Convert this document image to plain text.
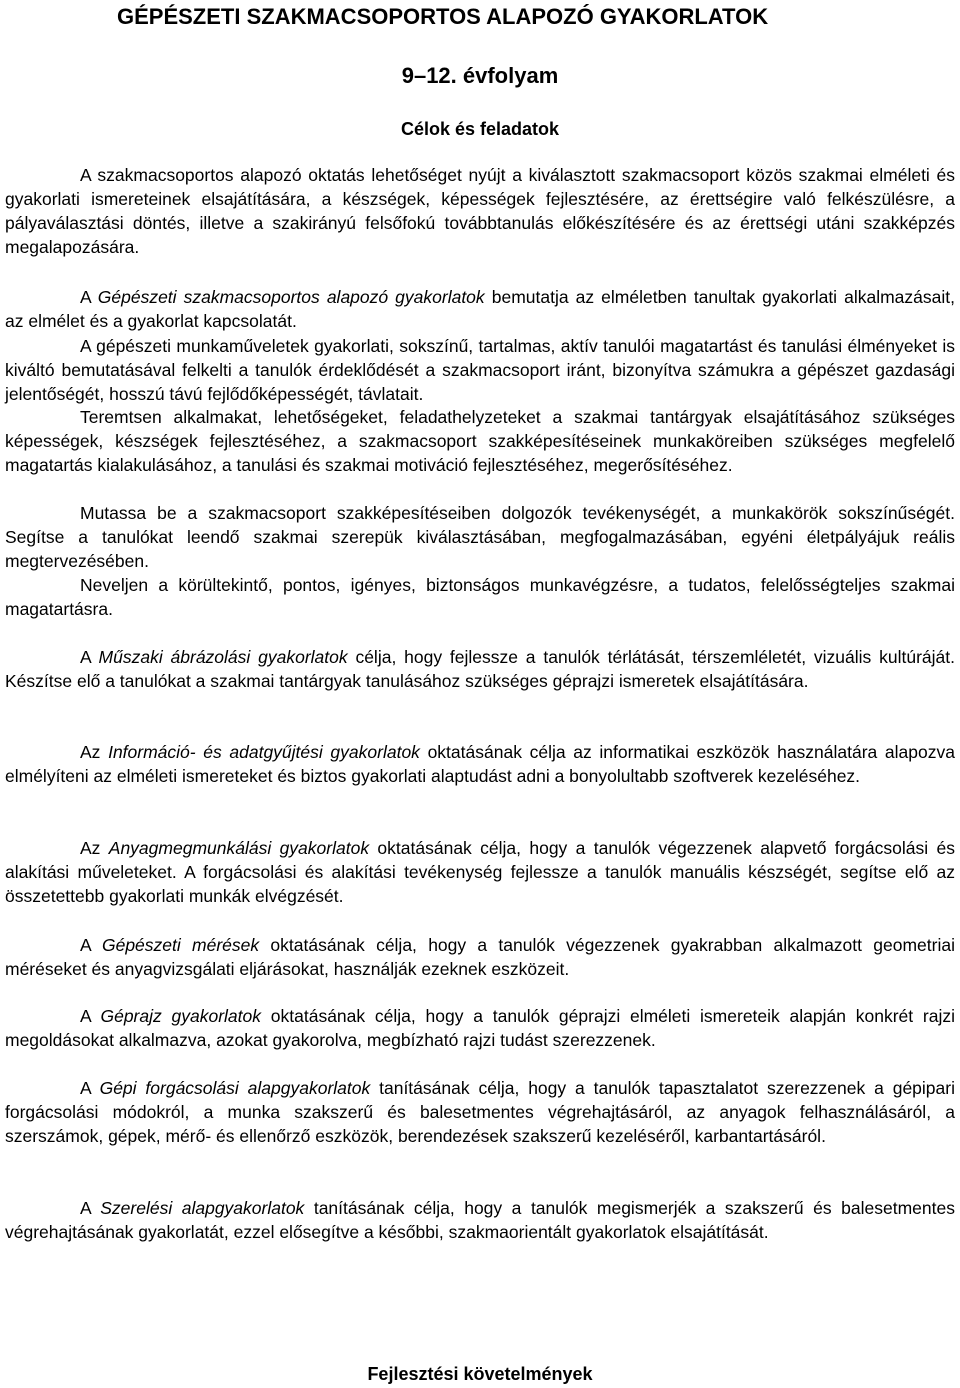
GÉPÉSZETI SZAKMACSOPORTOS ALAPOZÓ GYAKORLATOK
9–12. évfolyam
Célok és feladatok
A szakmacsoportos alapozó oktatás lehetőséget nyújt a kiválasztott szakmacsoport közös szakmai elméleti és gyakorlati ismereteinek elsajátítására, a készségek, képességek fejlesztésére, az érettségire való felkészülésre, a pályaválasztási döntés, illetve a szakirányú felsőfokú továbbtanulás előkészítésére és az érettségi utáni szakképzés megalapozására.
A Gépészeti szakmacsoportos alapozó gyakorlatok bemutatja az elméletben tanultak gyakorlati alkalmazásait, az elmélet és a gyakorlat kapcsolatát.
A gépészeti munkaműveletek gyakorlati, sokszínű, tartalmas, aktív tanulói magatartást és tanulási élményeket is kiváltó bemutatásával felkelti a tanulók érdeklődését a szakmacsoport iránt, bizonyítva számukra a gépészet gazdasági jelentőségét, hosszú távú fejlődőképességét, távlatait.
Teremtsen alkalmakat, lehetőségeket, feladathelyzeteket a szakmai tantárgyak elsajátításához szükséges képességek, készségek fejlesztéséhez, a szakmacsoport szakképesítéseinek munkaköreiben szükséges megfelelő magatartás kialakulásához, a tanulási és szakmai motiváció fejlesztéséhez, megerősítéséhez.
Mutassa be a szakmacsoport szakképesítéseiben dolgozók tevékenységét, a munkakörök sokszínűségét. Segítse a tanulókat leendő szakmai szerepük kiválasztásában, megfogalmazásában, egyéni életpályájuk reális megtervezésében.
Neveljen a körültekintő, pontos, igényes, biztonságos munkavégzésre, a tudatos, felelősségteljes szakmai magatartásra.
A Műszaki ábrázolási gyakorlatok célja, hogy fejlessze a tanulók térlátását, térszemléletét, vizuális kultúráját. Készítse elő a tanulókat a szakmai tantárgyak tanulásához szükséges géprajzi ismeretek elsajátítására.
Az Információ- és adatgyűjtési gyakorlatok oktatásának célja az informatikai eszközök használatára alapozva elmélyíteni az elméleti ismereteket és biztos gyakorlati alaptudást adni a bonyolultabb szoftverek kezeléséhez.
Az Anyagmegmunkálási gyakorlatok oktatásának célja, hogy a tanulók végezzenek alapvető forgácsolási és alakítási műveleteket. A forgácsolási és alakítási tevékenység fejlessze a tanulók manuális készségét, segítse elő az összetettebb gyakorlati munkák elvégzését.
A Gépészeti mérések oktatásának célja, hogy a tanulók végezzenek gyakrabban alkalmazott geometriai méréseket és anyagvizsgálati eljárásokat, használják ezeknek eszközeit.
A Géprajz gyakorlatok oktatásának célja, hogy a tanulók géprajzi elméleti ismereteik alapján konkrét rajzi megoldásokat alkalmazva, azokat gyakorolva, megbízható rajzi tudást szerezzenek.
A Gépi forgácsolási alapgyakorlatok tanításának célja, hogy a tanulók tapasztalatot szerezzenek a gépipari forgácsolási módokról, a munka szakszerű és balesetmentes végrehajtásáról, az anyagok felhasználásáról, a szerszámok, gépek, mérő- és ellenőrző eszközök, berendezések szakszerű kezeléséről, karbantartásáról.
A Szerelési alapgyakorlatok tanításának célja, hogy a tanulók megismerjék a szakszerű és balesetmentes végrehajtásának gyakorlatát, ezzel elősegítve a későbbi, szakmaorientált gyakorlatok elsajátítását.
Fejlesztési követelmények
